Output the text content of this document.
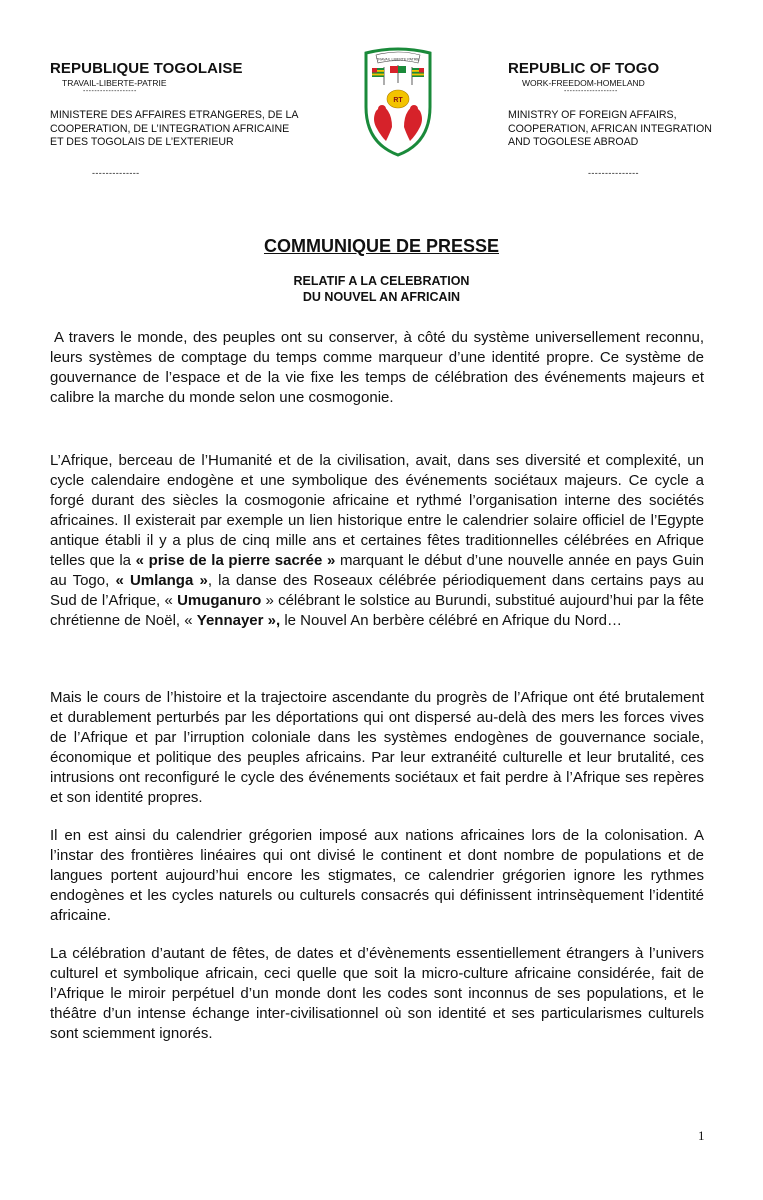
REPUBLIQUE TOGOLAISE
TRAVAIL-LIBERTE-PATRIE
-------------------
MINISTERE DES AFFAIRES ETRANGERES, DE LA
COOPERATION, DE L’INTEGRATION AFRICAINE
ET DES TOGOLAIS DE L’EXTERIEUR
--------------
TRAVAIL LIBERTE PATRIE
RT
REPUBLIC OF TOGO
WORK-FREEDOM-HOMELAND
-------------------
MINISTRY OF FOREIGN AFFAIRS,
COOPERATION, AFRICAN INTEGRATION
AND TOGOLESE ABROAD
---------------
COMMUNIQUE DE PRESSE
RELATIF A LA CELEBRATION
DU NOUVEL AN AFRICAIN
A travers le monde, des peuples ont su conserver, à côté du système universellement reconnu, leurs systèmes de comptage du temps comme marqueur d’une identité propre. Ce système de gouvernance de l’espace et de la vie fixe les temps de célébration des événements majeurs et calibre la marche du monde selon une cosmogonie.
L’Afrique, berceau de l’Humanité et de la civilisation, avait, dans ses diversité et complexité, un cycle calendaire endogène et une symbolique des événements sociétaux majeurs. Ce cycle a forgé durant des siècles la cosmogonie africaine et rythmé l’organisation interne des sociétés africaines. Il existerait par exemple un lien historique entre le calendrier solaire officiel de l’Egypte antique établi il y a plus de cinq mille ans et certaines fêtes traditionnelles célébrées en Afrique telles que la « prise de la pierre sacrée » marquant le début d’une nouvelle année en pays Guin au Togo, « Umlanga », la danse des Roseaux célébrée périodiquement dans certains pays au Sud de l’Afrique, « Umuganuro » célébrant le solstice au Burundi, substitué aujourd’hui par la fête chrétienne de Noël, « Yennayer », le Nouvel An berbère célébré en Afrique du Nord…
Mais le cours de l’histoire et la trajectoire ascendante du progrès de l’Afrique ont été brutalement et durablement perturbés par les déportations qui ont dispersé au-delà des mers les forces vives de l’Afrique et par l’irruption coloniale dans les systèmes endogènes de gouvernance sociale, économique et politique des peuples africains. Par leur extranéité culturelle et leur brutalité, ces intrusions ont reconfiguré le cycle des événements sociétaux et fait perdre à l’Afrique ses repères et son identité propres.
Il en est ainsi du calendrier grégorien imposé aux nations africaines lors de la colonisation. A l’instar des frontières linéaires qui ont divisé le continent et dont nombre de populations et de langues portent aujourd’hui encore les stigmates, ce calendrier grégorien ignore les rythmes endogènes et les cycles naturels ou culturels consacrés qui définissent intrinsèquement l’identité africaine.
La célébration d’autant de fêtes, de dates et d’évènements essentiellement étrangers à l’univers culturel et symbolique africain, ceci quelle que soit la micro-culture africaine considérée, fait de l’Afrique le miroir perpétuel d’un monde dont les codes sont inconnus de ses populations, et le théâtre d’un intense échange inter-civilisationnel où son identité et ses particularismes culturels sont sciemment ignorés.
1
